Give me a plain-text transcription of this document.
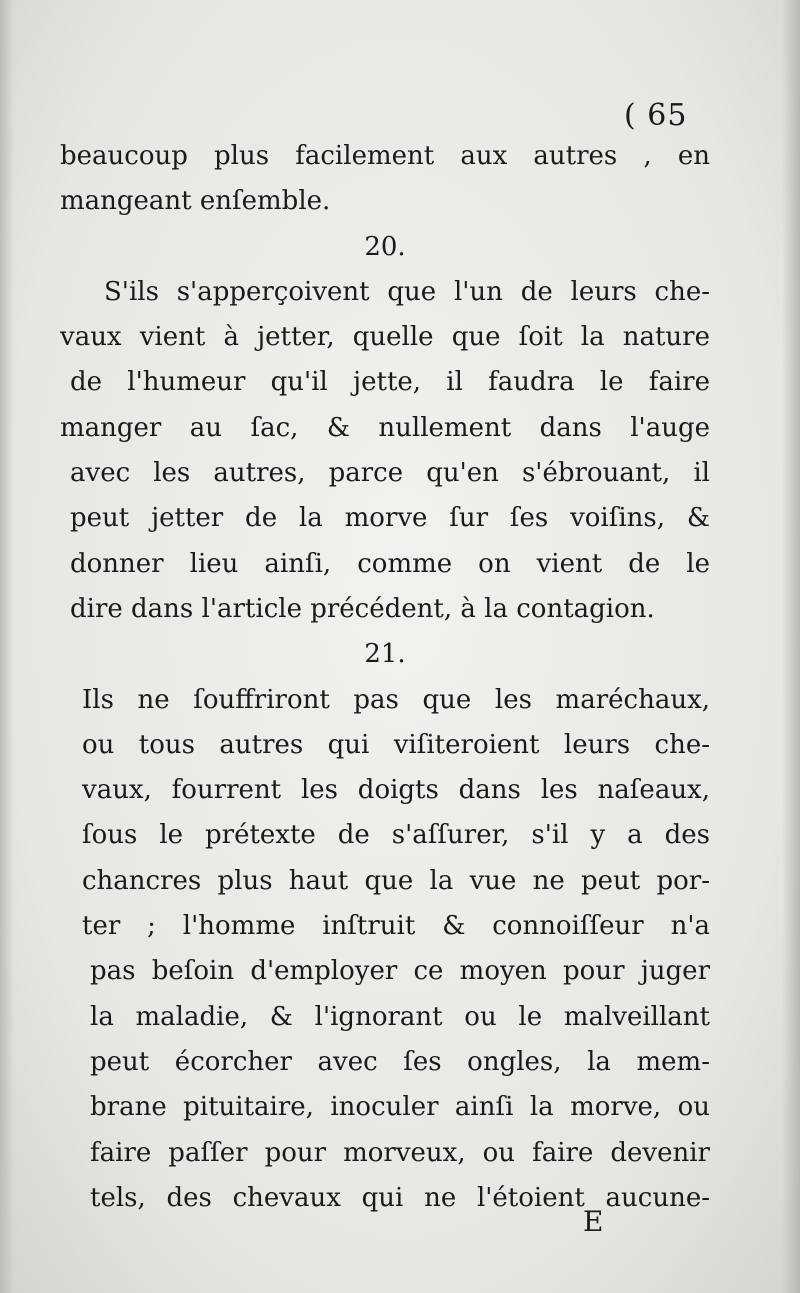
( 65
beaucoup plus facilement aux autres , en
mangeant enſemble.
20.
S'ils s'apperçoivent que l'un de leurs che-
vaux vient à jetter, quelle que ſoit la nature
de l'humeur qu'il jette, il faudra le faire
manger au ſac, & nullement dans l'auge
avec les autres, parce qu'en s'ébrouant, il
peut jetter de la morve ſur ſes voiſins, &
donner lieu ainſi, comme on vient de le
dire dans l'article précédent, à la contagion.
21.
Ils ne ſouffriront pas que les maréchaux,
ou tous autres qui viſiteroient leurs che-
vaux, fourrent les doigts dans les naſeaux,
ſous le prétexte de s'aſſurer, s'il y a des
chancres plus haut que la vue ne peut por-
ter ; l'homme inſtruit & connoiſſeur n'a
pas beſoin d'employer ce moyen pour juger
la maladie, & l'ignorant ou le malveillant
peut écorcher avec ſes ongles, la mem-
brane pituitaire, inoculer ainſi la morve, ou
faire paſſer pour morveux, ou faire devenir
tels, des chevaux qui ne l'étoient aucune-
E
